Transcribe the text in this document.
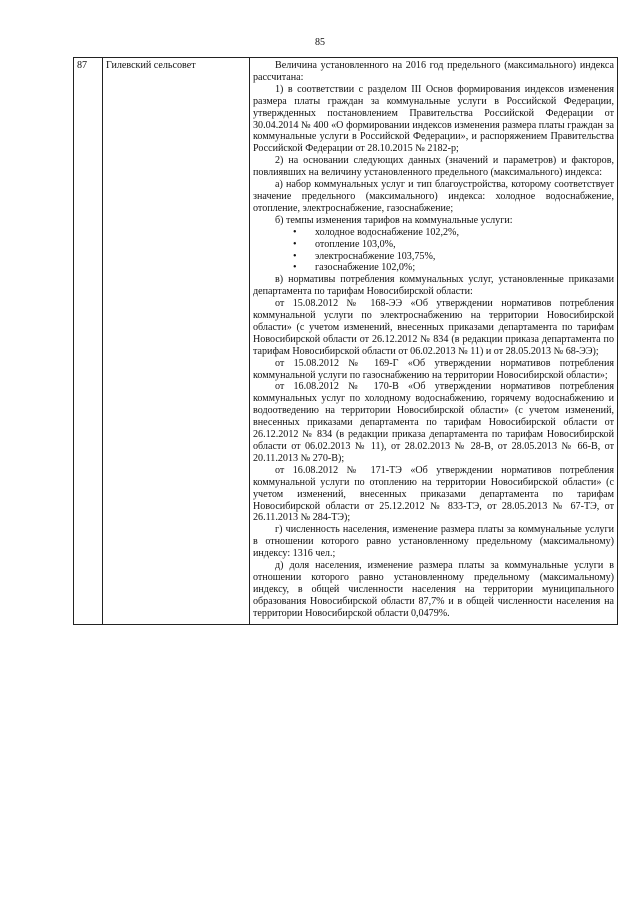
85
87	Гилевский сельсовет	Величина установленного на 2016 год предельного (максимального) индекса рассчитана:

1) в соответствии с разделом III Основ формирования индексов изменения размера платы граждан за коммунальные услуги в Российской Федерации, утвержденных постановлением Правительства Российской Федерации от 30.04.2014 № 400 «О формировании индексов изменения размера платы граждан за коммунальные услуги в Российской Федерации», и распоряжением Правительства Российской Федерации от 28.10.2015 № 2182-р;

2) на основании следующих данных (значений и параметров) и факторов, повлиявших на величину установленного предельного (максимального) индекса:

а) набор коммунальных услуг и тип благоустройства, которому соответствует значение предельного (максимального) индекса: холодное водоснабжение, отопление, электроснабжение, газоснабжение;

б) темпы изменения тарифов на коммунальные услуги:

• холодное водоснабжение 102,2%,
• отопление 103,0%,
• электроснабжение 103,75%,
• газоснабжение 102,0%;

в) нормативы потребления коммунальных услуг, установленные приказами департамента по тарифам Новосибирской области:

от 15.08.2012 № 168-ЭЭ «Об утверждении нормативов потребления коммунальной услуги по электроснабжению на территории Новосибирской области» (с учетом изменений, внесенных приказами департамента по тарифам Новосибирской области от 26.12.2012 № 834 (в редакции приказа департамента по тарифам Новосибирской области от 06.02.2013 № 11) и от 28.05.2013 № 68-ЭЭ);

от 15.08.2012 № 169-Г «Об утверждении нормативов потребления коммунальной услуги по газоснабжению на территории Новосибирской области»;

от 16.08.2012 № 170-В «Об утверждении нормативов потребления коммунальных услуг по холодному водоснабжению, горячему водоснабжению и водоотведению на территории Новосибирской области» (с учетом изменений, внесенных приказами департамента по тарифам Новосибирской области от 26.12.2012 № 834 (в редакции приказа департамента по тарифам Новосибирской области от 06.02.2013 № 11), от 28.02.2013 № 28-В, от 28.05.2013 № 66-В, от 20.11.2013 № 270-В);

от 16.08.2012 № 171-ТЭ «Об утверждении нормативов потребления коммунальной услуги по отоплению на территории Новосибирской области» (с учетом изменений, внесенных приказами департамента по тарифам Новосибирской области от 25.12.2012 № 833-ТЭ, от 28.05.2013 № 67-ТЭ, от 26.11.2013 № 284-ТЭ);

г) численность населения, изменение размера платы за коммунальные услуги в отношении которого равно установленному предельному (максимальному) индексу: 1316 чел.;

д) доля населения, изменение размера платы за коммунальные услуги в отношении которого равно установленному предельному (максимальному) индексу, в общей численности населения на территории муниципального образования Новосибирской области 87,7% и в общей численности населения на территории Новосибирской области 0,0479%.
